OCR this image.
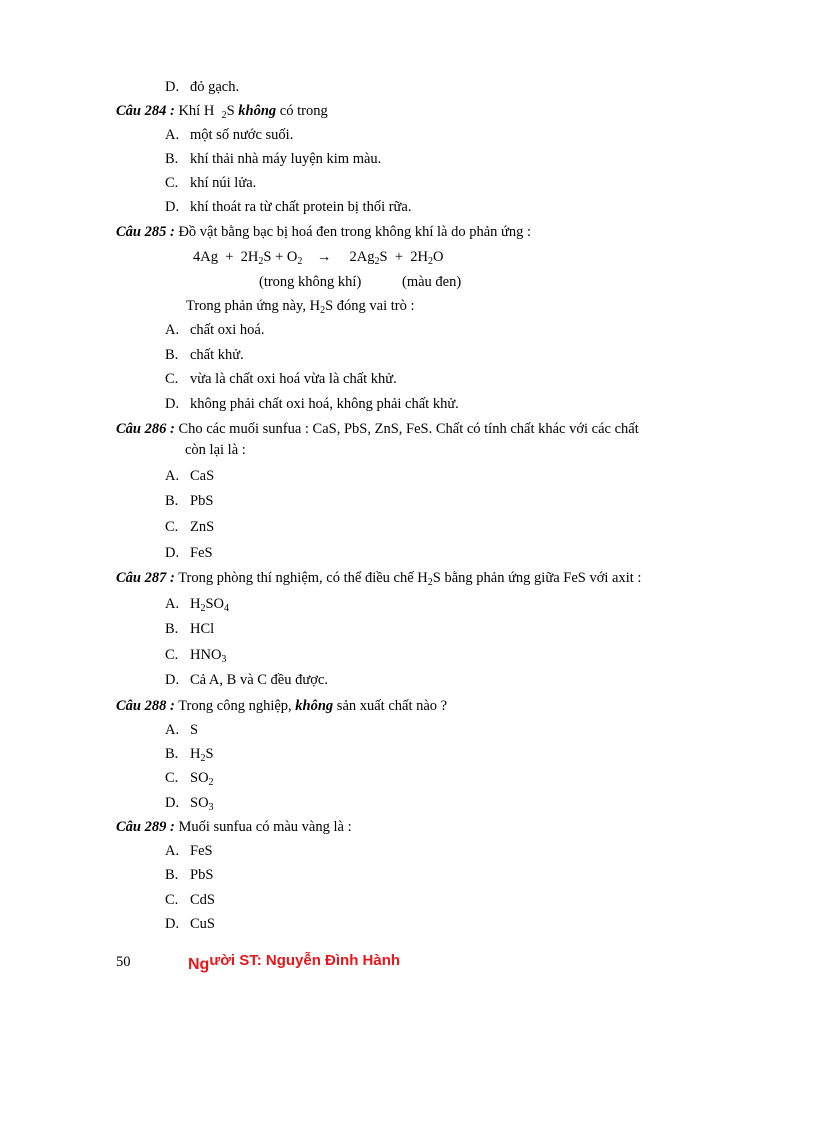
D. đỏ gạch.
Câu 284 : Khí H $_2$S không có trong
A. một số nước suối.
B. khí thải nhà máy luyện kim màu.
C. khí núi lửa.
D. khí thoát ra từ chất protein bị thối rữa.
Câu 285 : Đồ vật bằng bạc bị hoá đen trong không khí là do phản ứng :
$4Ag + 2H_2S + O_2 \to 2Ag_2S + 2H_2O$
(trong không khí)	(màu đen)
Trong phản ứng này, $H_2S$ đóng vai trò :
A. chất oxi hoá.
B. chất khử.
C. vừa là chất oxi hoá vừa là chất khử.
D. không phải chất oxi hoá, không phải chất khử.
Câu 286 : Cho các muối sunfua : CaS, PbS, ZnS, FeS. Chất có tính chất khác với các chất
còn lại là :
A. CaS
B. PbS
C. ZnS
D. FeS
Câu 287 : Trong phòng thí nghiệm, có thể điều chế $H_2S$ bằng phản ứng giữa FeS với axit :
A. $H_2SO_4$
B. HCl
C. $HNO_3$
D. Cả A, B và C đều được.
Câu 288 : Trong công nghiệp, không sản xuất chất nào ?
A. S
B. $H_2S$
C. $SO_2$
D. $SO_3$
Câu 289 : Muối sunfua có màu vàng là :
A. FeS
B. PbS
C. CdS
D. CuS
50	Người ST: Nguyễn Đình Hành
